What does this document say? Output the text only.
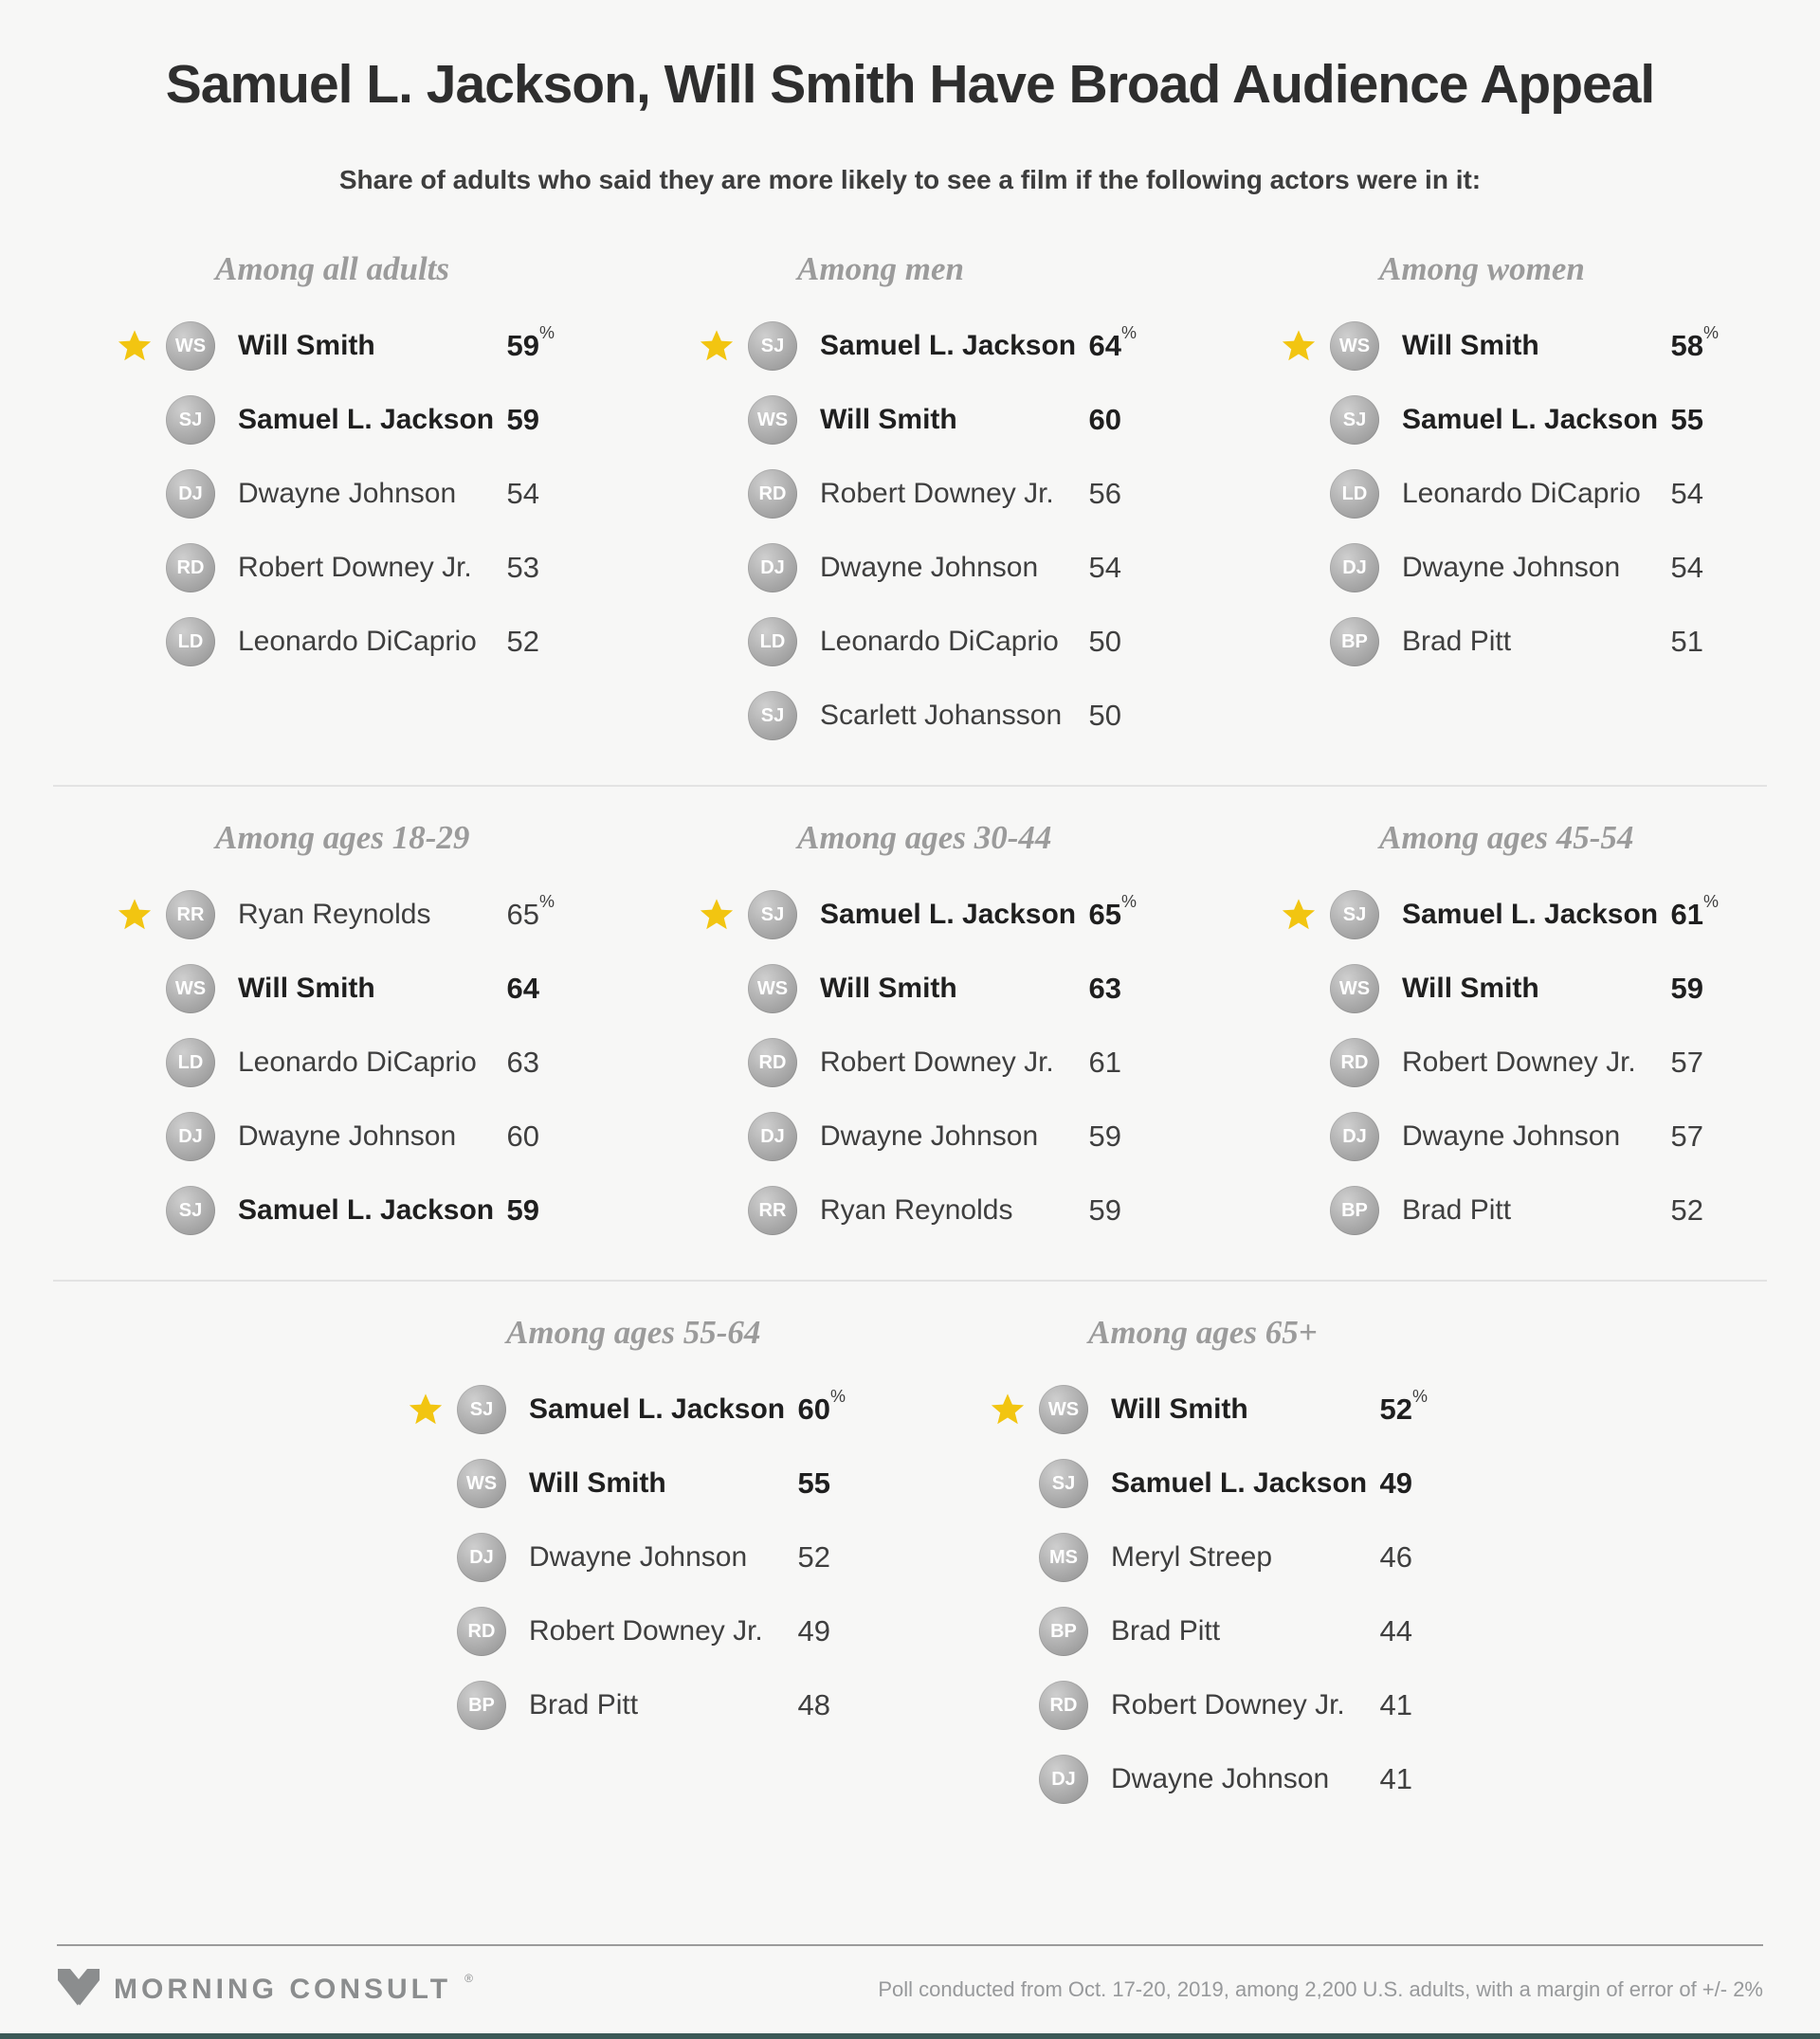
Samuel L. Jackson, Will Smith Have Broad Audience Appeal

Share of adults who said they are more likely to see a film if the following actors were in it:

Among all adults
WS	Will Smith	59 %
SJ	Samuel L. Jackson 59
DJ	Dwayne Johnson	54
RD	Robert Downey Jr.	53
LD	Leonardo DiCaprio	52
Among men
SJ	Samuel L. Jackson 64 %
WS	Will Smith	60
RD	Robert Downey Jr.	56
DJ	Dwayne Johnson	54
LD	Leonardo DiCaprio	50
SJ	Scarlett Johansson 50
Among women
WS	Will Smith	58 %
SJ	Samuel L. Jackson 55
LD	Leonardo DiCaprio	54
DJ	Dwayne Johnson	54
BP	Brad Pitt	51
Among ages 18-29
RR	Ryan Reynolds	65 %
WS	Will Smith	64
LD	Leonardo DiCaprio	63
DJ	Dwayne Johnson	60
SJ	Samuel L. Jackson 59
Among ages 30-44
SJ	Samuel L. Jackson 65 %
WS	Will Smith	63
RD	Robert Downey Jr.	61
DJ	Dwayne Johnson	59
RR	Ryan Reynolds	59
Among ages 45-54
SJ	Samuel L. Jackson 61 %
WS	Will Smith	59
RD	Robert Downey Jr.	57
DJ	Dwayne Johnson	57
BP	Brad Pitt	52
Among ages 55-64
SJ	Samuel L. Jackson 60 %
WS	Will Smith	55
DJ	Dwayne Johnson	52
RD	Robert Downey Jr.	49
BP	Brad Pitt	48
Among ages 65+
WS	Will Smith	52 %
SJ	Samuel L. Jackson 49
MS	Meryl Streep	46
BP	Brad Pitt	44
RD	Robert Downey Jr.	41
DJ	Dwayne Johnson	41
MORNING CONSULT ®	Poll conducted from Oct. 17-20, 2019, among 2,200 U.S. adults, with a margin of error of +/- 2%
